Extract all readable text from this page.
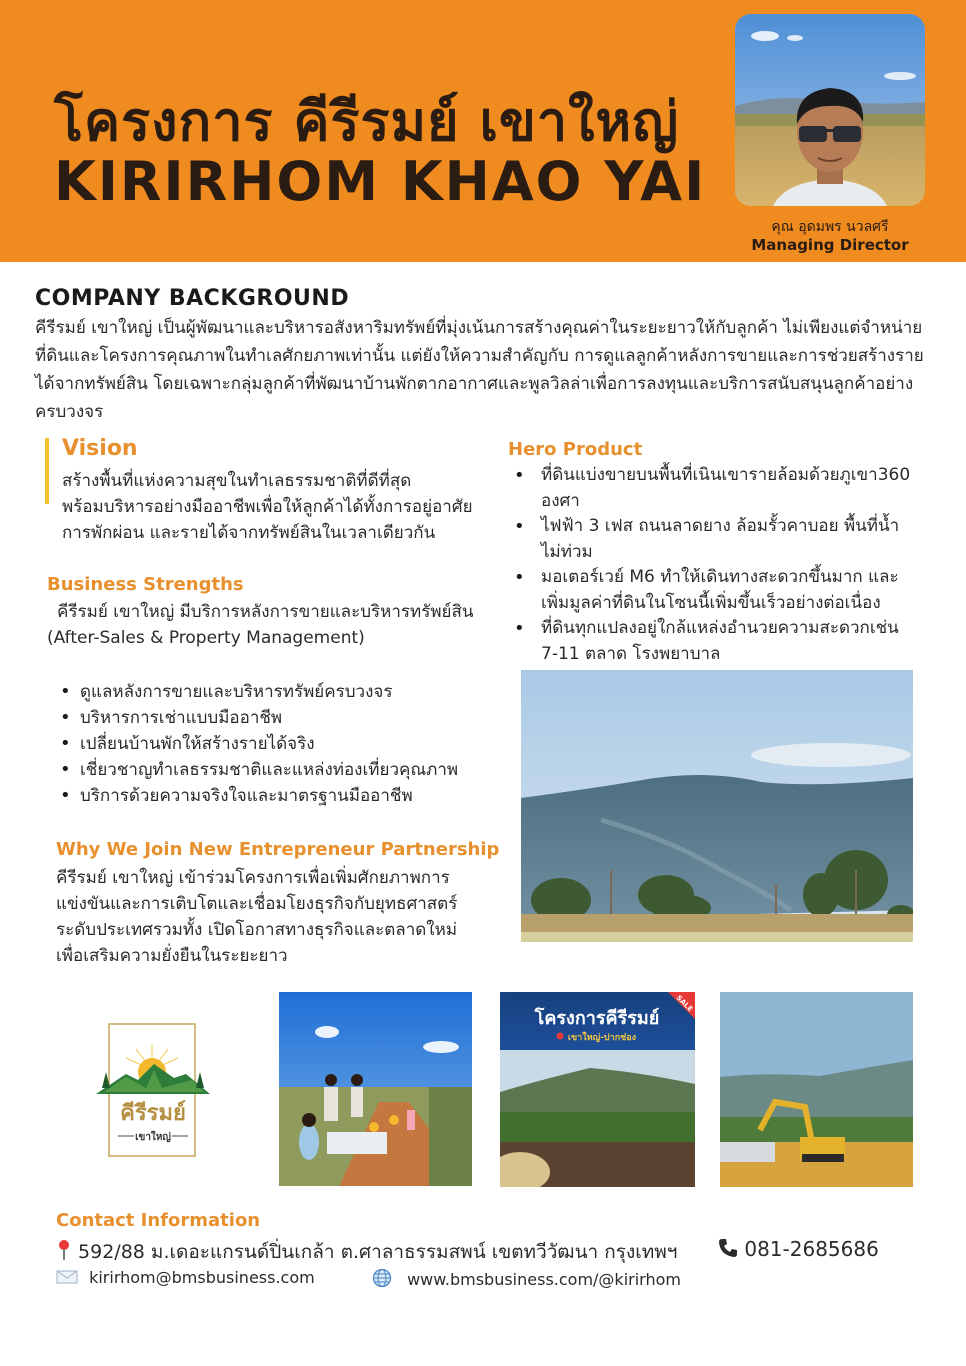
โครงการ คีรีรมย์ เขาใหญ่
KIRIRHOM KHAO YAI
คุณ อุดมพร นวลศรี
Managing Director
COMPANY BACKGROUND
คีรีรมย์ เขาใหญ่ เป็นผู้พัฒนาและบริหารอสังหาริมทรัพย์ที่มุ่งเน้นการสร้างคุณค่าในระยะยาวให้กับลูกค้า ไม่เพียงแต่จำหน่ายที่ดินและโครงการคุณภาพในทำเลศักยภาพเท่านั้น แต่ยังให้ความสำคัญกับ การดูแลลูกค้าหลังการขายและการช่วยสร้างรายได้จากทรัพย์สิน โดยเฉพาะกลุ่มลูกค้าที่พัฒนาบ้านพักตากอากาศและพูลวิลล่าเพื่อการลงทุนและบริการสนับสนุนลูกค้าอย่างครบวงจร
Vision
สร้างพื้นที่แห่งความสุขในทำเลธรรมชาติที่ดีที่สุด
พร้อมบริหารอย่างมืออาชีพเพื่อให้ลูกค้าได้ทั้งการอยู่อาศัย
การพักผ่อน และรายได้จากทรัพย์สินในเวลาเดียวกัน
Business Strengths
คีรีรมย์ เขาใหญ่ มีบริการหลังการขายและบริหารทรัพย์สิน
(After-Sales & Property Management)
• ดูแลหลังการขายและบริหารทรัพย์ครบวงจร
• บริหารการเช่าแบบมืออาชีพ
• เปลี่ยนบ้านพักให้สร้างรายได้จริง
• เชี่ยวชาญทำเลธรรมชาติและแหล่งท่องเที่ยวคุณภาพ
• บริการด้วยความจริงใจและมาตรฐานมืออาชีพ
Why We Join New Entrepreneur Partnership
คีรีรมย์ เขาใหญ่ เข้าร่วมโครงการเพื่อเพิ่มศักยภาพการ
แข่งขันและการเติบโตและเชื่อมโยงธุรกิจกับยุทธศาสตร์
ระดับประเทศรวมทั้ง เปิดโอกาสทางธุรกิจและตลาดใหม่
เพื่อเสริมความยั่งยืนในระยะยาว
Hero Product
• ที่ดินแบ่งขายบนพื้นที่เนินเขารายล้อมด้วยภูเขา360 องศา
• ไฟฟ้า 3 เฟส ถนนลาดยาง ล้อมรั้วคาบอย พื้นที่น้ำไม่ท่วม
• มอเตอร์เวย์ M6 ทำให้เดินทางสะดวกขึ้นมาก และเพิ่มมูลค่าที่ดินในโซนนี้เพิ่มขึ้นเร็วอย่างต่อเนื่อง
• ที่ดินทุกแปลงอยู่ใกล้แหล่งอำนวยความสะดวกเช่น 7-11 ตลาด โรงพยาบาล
คีรีรมย์
เขาใหญ่
โครงการคีรีรมย์
เขาใหญ่-ปากช่อง
SALE
Contact Information
592/88 ม.เดอะแกรนด์ปิ่นเกล้า ต.ศาลาธรรมสพน์ เขตทวีวัฒนา กรุงเทพฯ	081-2685686
kirirhom@bmsbusiness.com	www.bmsbusiness.com/@kirirhom
